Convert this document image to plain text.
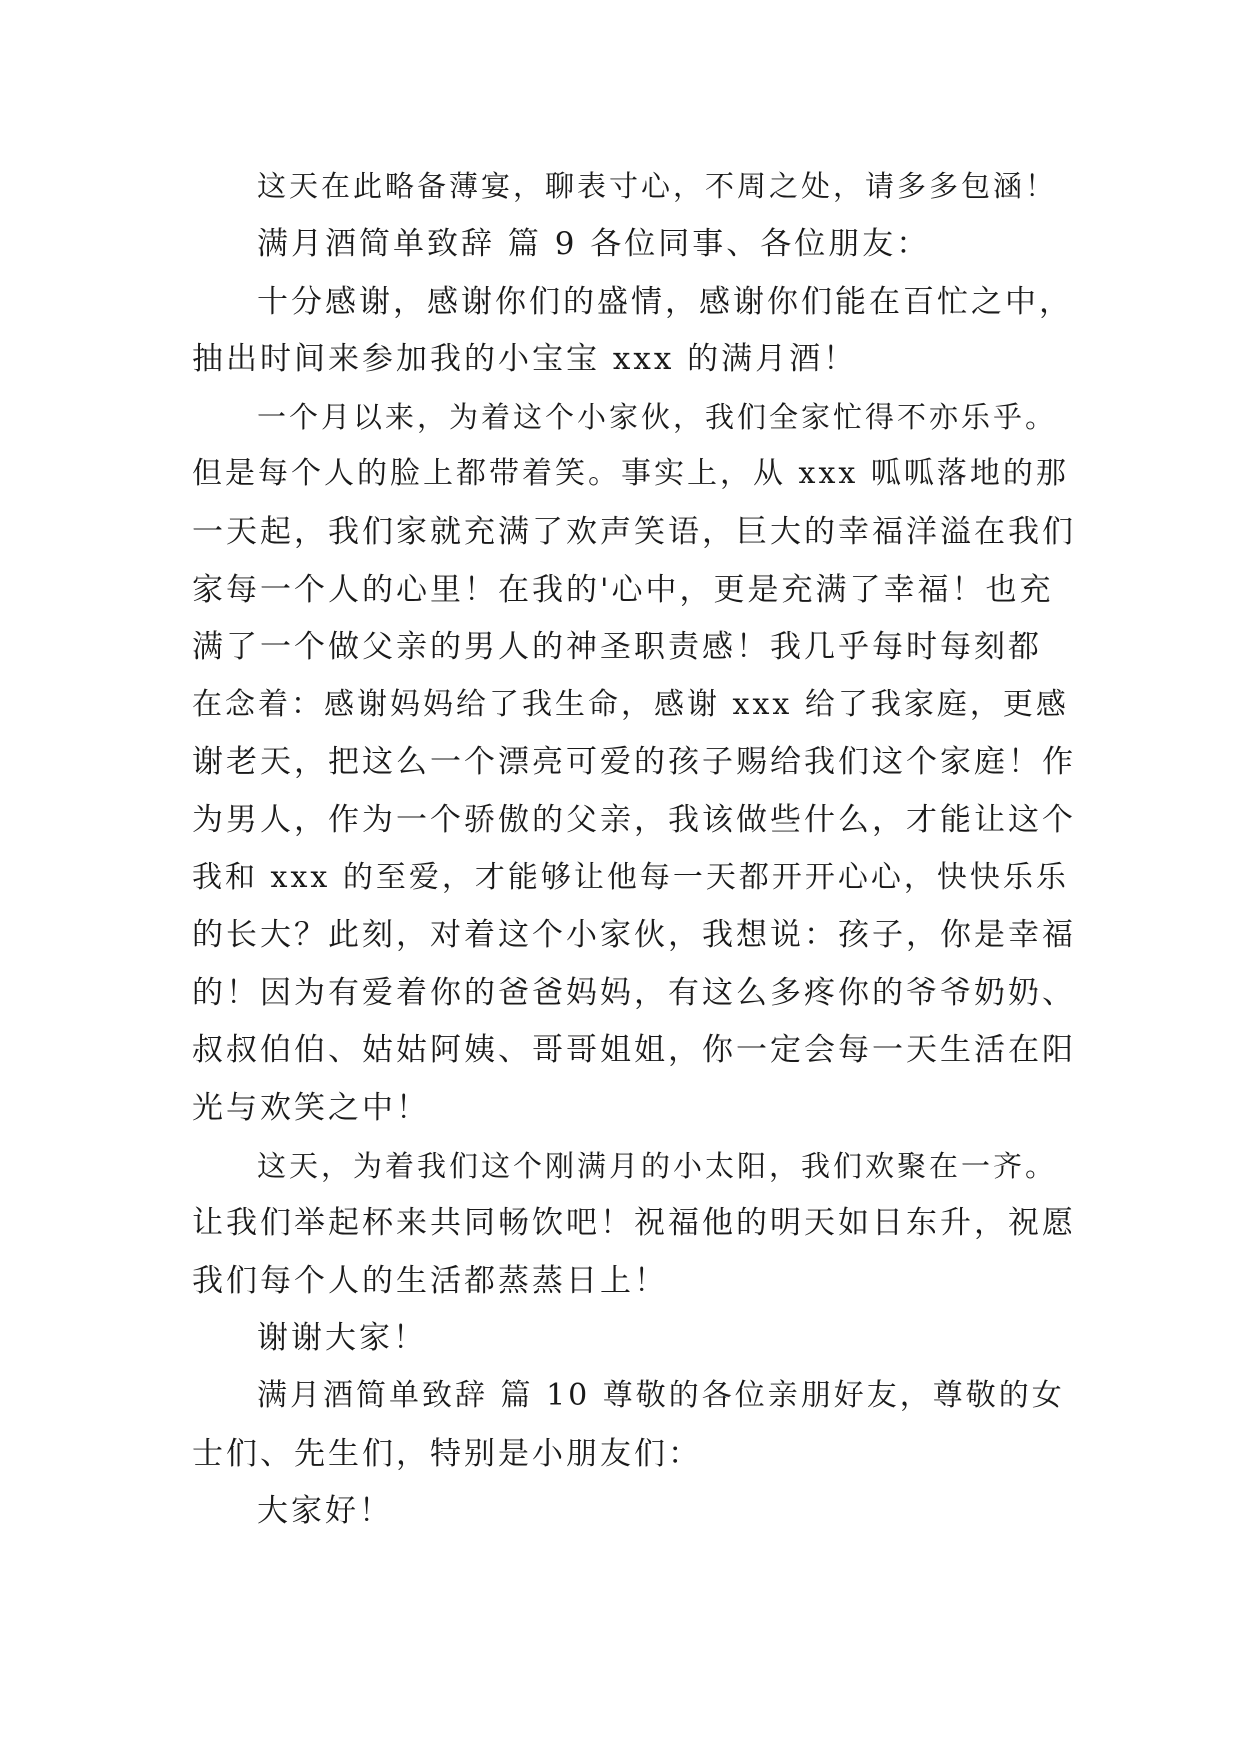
这天在此略备薄宴，聊表寸心，不周之处，请多多包涵！
满月酒简单致辞 篇 9 各位同事、各位朋友：
十分感谢，感谢你们的盛情，感谢你们能在百忙之中，
抽出时间来参加我的小宝宝 xxx 的满月酒！
一个月以来，为着这个小家伙，我们全家忙得不亦乐乎。
但是每个人的脸上都带着笑。事实上，从 xxx 呱呱落地的那
一天起，我们家就充满了欢声笑语，巨大的幸福洋溢在我们
家每一个人的心里！在我的'心中，更是充满了幸福！也充
满了一个做父亲的男人的神圣职责感！我几乎每时每刻都
在念着：感谢妈妈给了我生命，感谢 xxx 给了我家庭，更感
谢老天，把这么一个漂亮可爱的孩子赐给我们这个家庭！作
为男人，作为一个骄傲的父亲，我该做些什么，才能让这个
我和 xxx 的至爱，才能够让他每一天都开开心心，快快乐乐
的长大？此刻，对着这个小家伙，我想说：孩子，你是幸福
的！因为有爱着你的爸爸妈妈，有这么多疼你的爷爷奶奶、
叔叔伯伯、姑姑阿姨、哥哥姐姐，你一定会每一天生活在阳
光与欢笑之中！
这天，为着我们这个刚满月的小太阳，我们欢聚在一齐。
让我们举起杯来共同畅饮吧！祝福他的明天如日东升，祝愿
我们每个人的生活都蒸蒸日上！
谢谢大家！
满月酒简单致辞 篇 10 尊敬的各位亲朋好友，尊敬的女
士们、先生们，特别是小朋友们：
大家好！
